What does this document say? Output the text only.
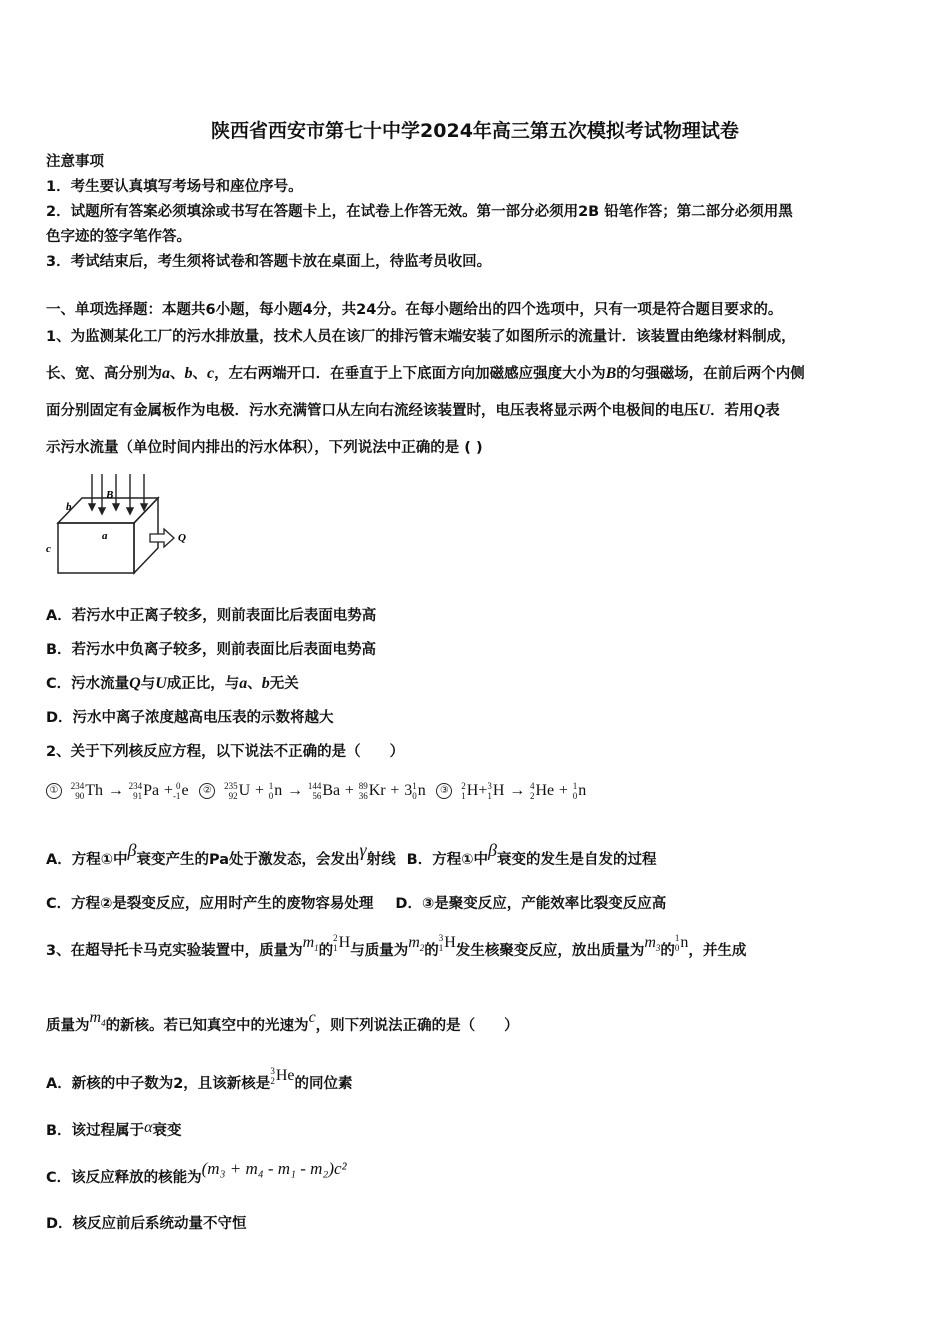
陕西省西安市第七十中学2024年高三第五次模拟考试物理试卷
注意事项
1．考生要认真填写考场号和座位序号。
2．试题所有答案必须填涂或书写在答题卡上，在试卷上作答无效。第一部分必须用2B 铅笔作答；第二部分必须用黑
色字迹的签字笔作答。
3．考试结束后，考生须将试卷和答题卡放在桌面上，待监考员收回。
一、单项选择题：本题共6小题，每小题4分，共24分。在每小题给出的四个选项中，只有一项是符合题目要求的。
1、为监测某化工厂的污水排放量，技术人员在该厂的排污管末端安装了如图所示的流量计．该装置由绝缘材料制成，
长、宽、高分别为a、b、c，左右两端开口．在垂直于上下底面方向加磁感应强度大小为B的匀强磁场，在前后两个内侧
面分别固定有金属板作为电极．污水充满管口从左向右流经该装置时，电压表将显示两个电极间的电压U．若用Q表
示污水流量（单位时间内排出的污水体积），下列说法中正确的是 ( )
b
B
a
c
Q
A．若污水中正离子较多，则前表面比后表面电势高
B．若污水中负离子较多，则前表面比后表面电势高
C．污水流量Q与U成正比，与a、b无关
D．污水中离子浓度越高电压表的示数将越大
2、关于下列核反应方程，以下说法不正确的是（　　）
① 234
90 Th → 234
91 Pa + 0
-1 e ② 235
92 U + 1
0 n → 144
56 Ba + 89
36 Kr + 3 1
0 n ③ 2
1 H+ 3
1 H → 4
2 He + 1
0 n
A．方程①中β衰变产生的Pa处于激发态，会发出γ射线 B．方程①中β衰变的发生是自发的过程
C．方程②是裂变反应，应用时产生的废物容易处理 D．③是聚变反应，产能效率比裂变反应高
3、在超导托卡马克实验装置中，质量为$m_1$的
2
1 H与质量为$m_2$的
3
1 H发生核聚变反应，放出质量为$m_3$的
1
0 n，并生成
质量为$m_4$的新核。若已知真空中的光速为c，则下列说法正确的是（　　）
A．新核的中子数为2，且该新核是
3
2 He的同位素
B．该过程属于α衰变
C．该反应释放的核能为(m₃ + m₄ - m₁ - m₂)c²
D．核反应前后系统动量不守恒
